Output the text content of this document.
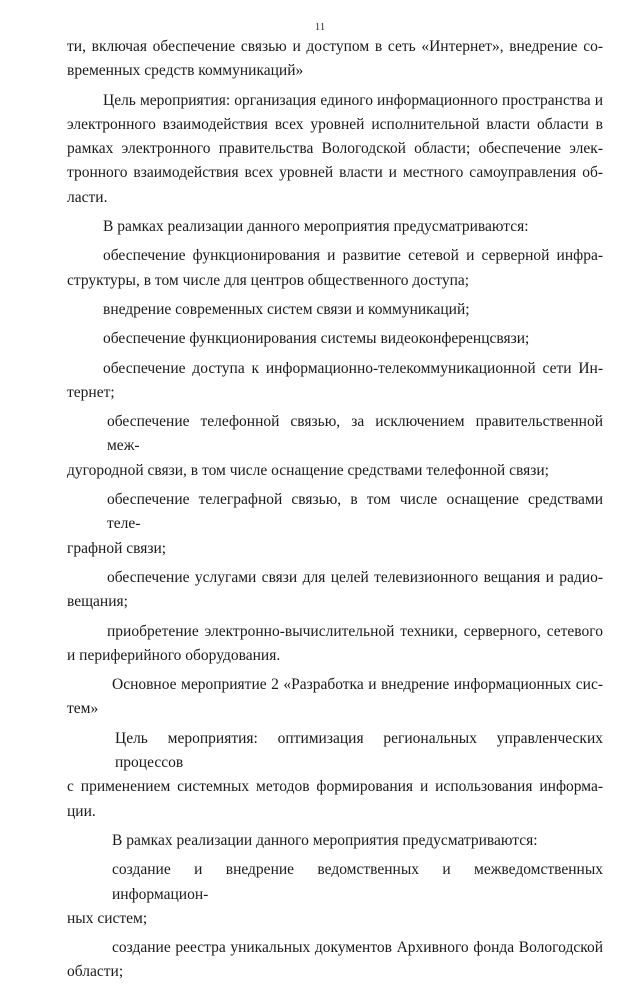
11
ти, включая обеспечение связью и доступом в сеть «Интернет», внедрение со-
временных средств коммуникаций»
Цель мероприятия: организация единого информационного пространства и
электронного взаимодействия всех уровней исполнительной власти области в
рамках электронного правительства Вологодской области; обеспечение элек-
тронного взаимодействия всех уровней власти и местного самоуправления об-
ласти.
В рамках реализации данного мероприятия предусматриваются:
обеспечение функционирования и развитие сетевой и серверной инфра-
структуры, в том числе для центров общественного доступа;
внедрение современных систем связи и коммуникаций;
обеспечение функционирования системы видеоконференцсвязи;
обеспечение доступа к информационно-телекоммуникационной сети Ин-
тернет;
обеспечение телефонной связью, за исключением правительственной меж-
дугородной связи, в том числе оснащение средствами телефонной связи;
обеспечение телеграфной связью, в том числе оснащение средствами теле-
графной связи;
обеспечение услугами связи для целей телевизионного вещания и радио-
вещания;
приобретение электронно-вычислительной техники, серверного, сетевого
и периферийного оборудования.
Основное мероприятие 2 «Разработка и внедрение информационных сис-
тем»
Цель мероприятия: оптимизация региональных управленческих процессов
с применением системных методов формирования и использования информа-
ции.
В рамках реализации данного мероприятия предусматриваются:
создание и внедрение ведомственных и межведомственных информацион-
ных систем;
создание реестра уникальных документов Архивного фонда Вологодской
области;
